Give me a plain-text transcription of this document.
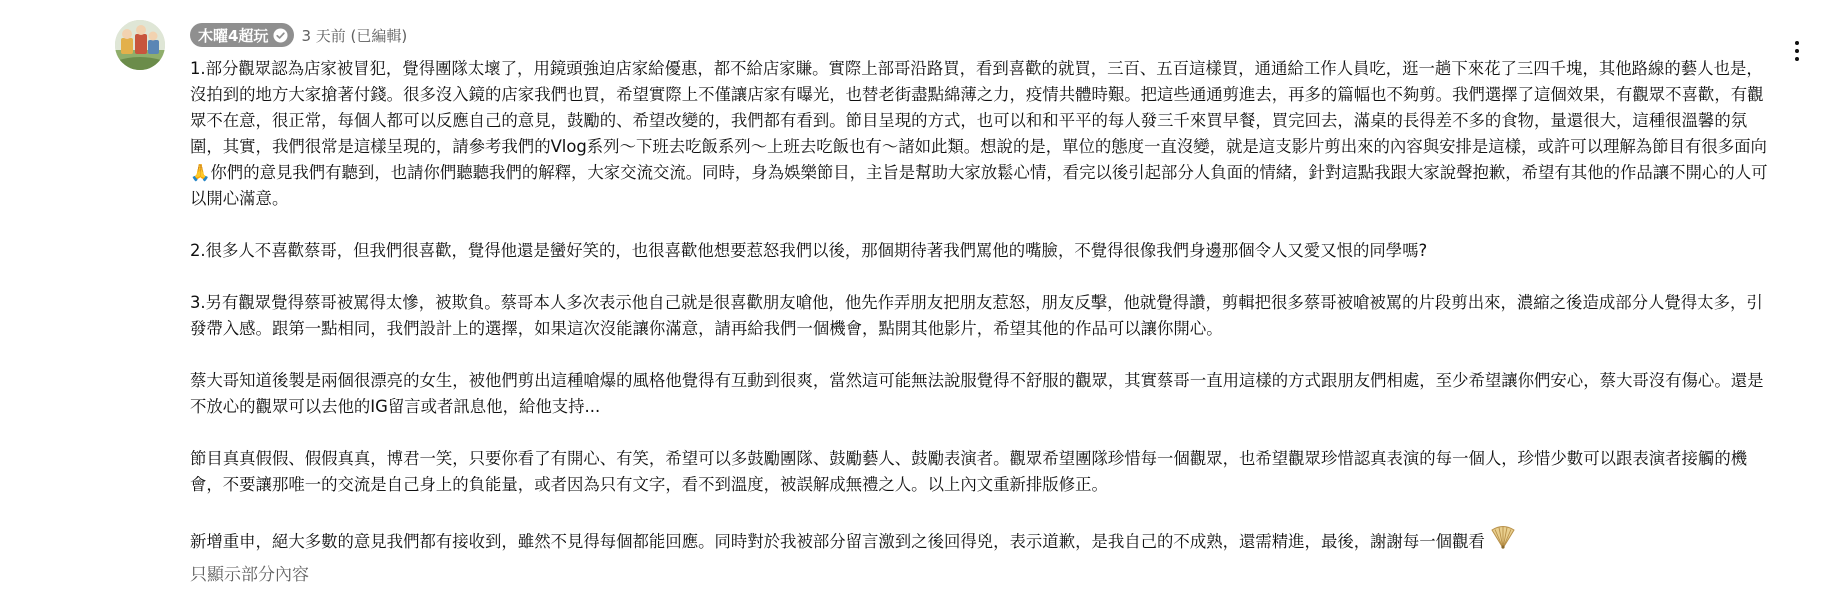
木曜4超玩 3 天前 (已編輯)

1.部分觀眾認為店家被冒犯，覺得團隊太壞了，用鏡頭強迫店家給優惠，都不給店家賺。實際上部哥沿路買，看到喜歡的就買，三百、五百這樣買，通通給工作人員吃，逛一趟下來花了三四千塊，其他路線的藝人也是，沒拍到的地方大家搶著付錢。很多沒入鏡的店家我們也買，希望實際上不僅讓店家有曝光，也替老街盡點綿薄之力，疫情共體時艱。把這些通通剪進去，再多的篇幅也不夠剪。我們選擇了這個效果，有觀眾不喜歡，有觀眾不在意，很正常，每個人都可以反應自己的意見，鼓勵的、希望改變的，我們都有看到。節目呈現的方式，也可以和和平平的每人發三千來買早餐，買完回去，滿桌的長得差不多的食物，量還很大，這種很溫馨的氛圍，其實，我們很常是這樣呈現的，請參考我們的Vlog系列～下班去吃飯系列～上班去吃飯也有～諸如此類。想說的是，單位的態度一直沒變，就是這支影片剪出來的內容與安排是這樣，或許可以理解為節目有很多面向🙏你們的意見我們有聽到，也請你們聽聽我們的解釋，大家交流交流。同時，身為娛樂節目，主旨是幫助大家放鬆心情，看完以後引起部分人負面的情緒，針對這點我跟大家說聲抱歉，希望有其他的作品讓不開心的人可以開心滿意。

2.很多人不喜歡蔡哥，但我們很喜歡，覺得他還是蠻好笑的，也很喜歡他想要惹怒我們以後，那個期待著我們罵他的嘴臉，不覺得很像我們身邊那個令人又愛又恨的同學嗎?

3.另有觀眾覺得蔡哥被罵得太慘，被欺負。蔡哥本人多次表示他自己就是很喜歡朋友嗆他，他先作弄朋友把朋友惹怒，朋友反擊，他就覺得讚，剪輯把很多蔡哥被嗆被罵的片段剪出來，濃縮之後造成部分人覺得太多，引發帶入感。跟第一點相同，我們設計上的選擇，如果這次沒能讓你滿意，請再給我們一個機會，點開其他影片，希望其他的作品可以讓你開心。

蔡大哥知道後製是兩個很漂亮的女生，被他們剪出這種嗆爆的風格他覺得有互動到很爽，當然這可能無法說服覺得不舒服的觀眾，其實蔡哥一直用這樣的方式跟朋友們相處，至少希望讓你們安心，蔡大哥沒有傷心。還是不放心的觀眾可以去他的IG留言或者訊息他，給他支持...

節目真真假假、假假真真，博君一笑，只要你看了有開心、有笑，希望可以多鼓勵團隊、鼓勵藝人、鼓勵表演者。觀眾希望團隊珍惜每一個觀眾，也希望觀眾珍惜認真表演的每一個人，珍惜少數可以跟表演者接觸的機會，不要讓那唯一的交流是自己身上的負能量，或者因為只有文字，看不到溫度，被誤解成無禮之人。以上內文重新排版修正。

新增重申，絕大多數的意見我們都有接收到，雖然不見得每個都能回應。同時對於我被部分留言激到之後回得兇，表示道歉，是我自己的不成熟，還需精進，最後，謝謝每一個觀看

只顯示部分內容
